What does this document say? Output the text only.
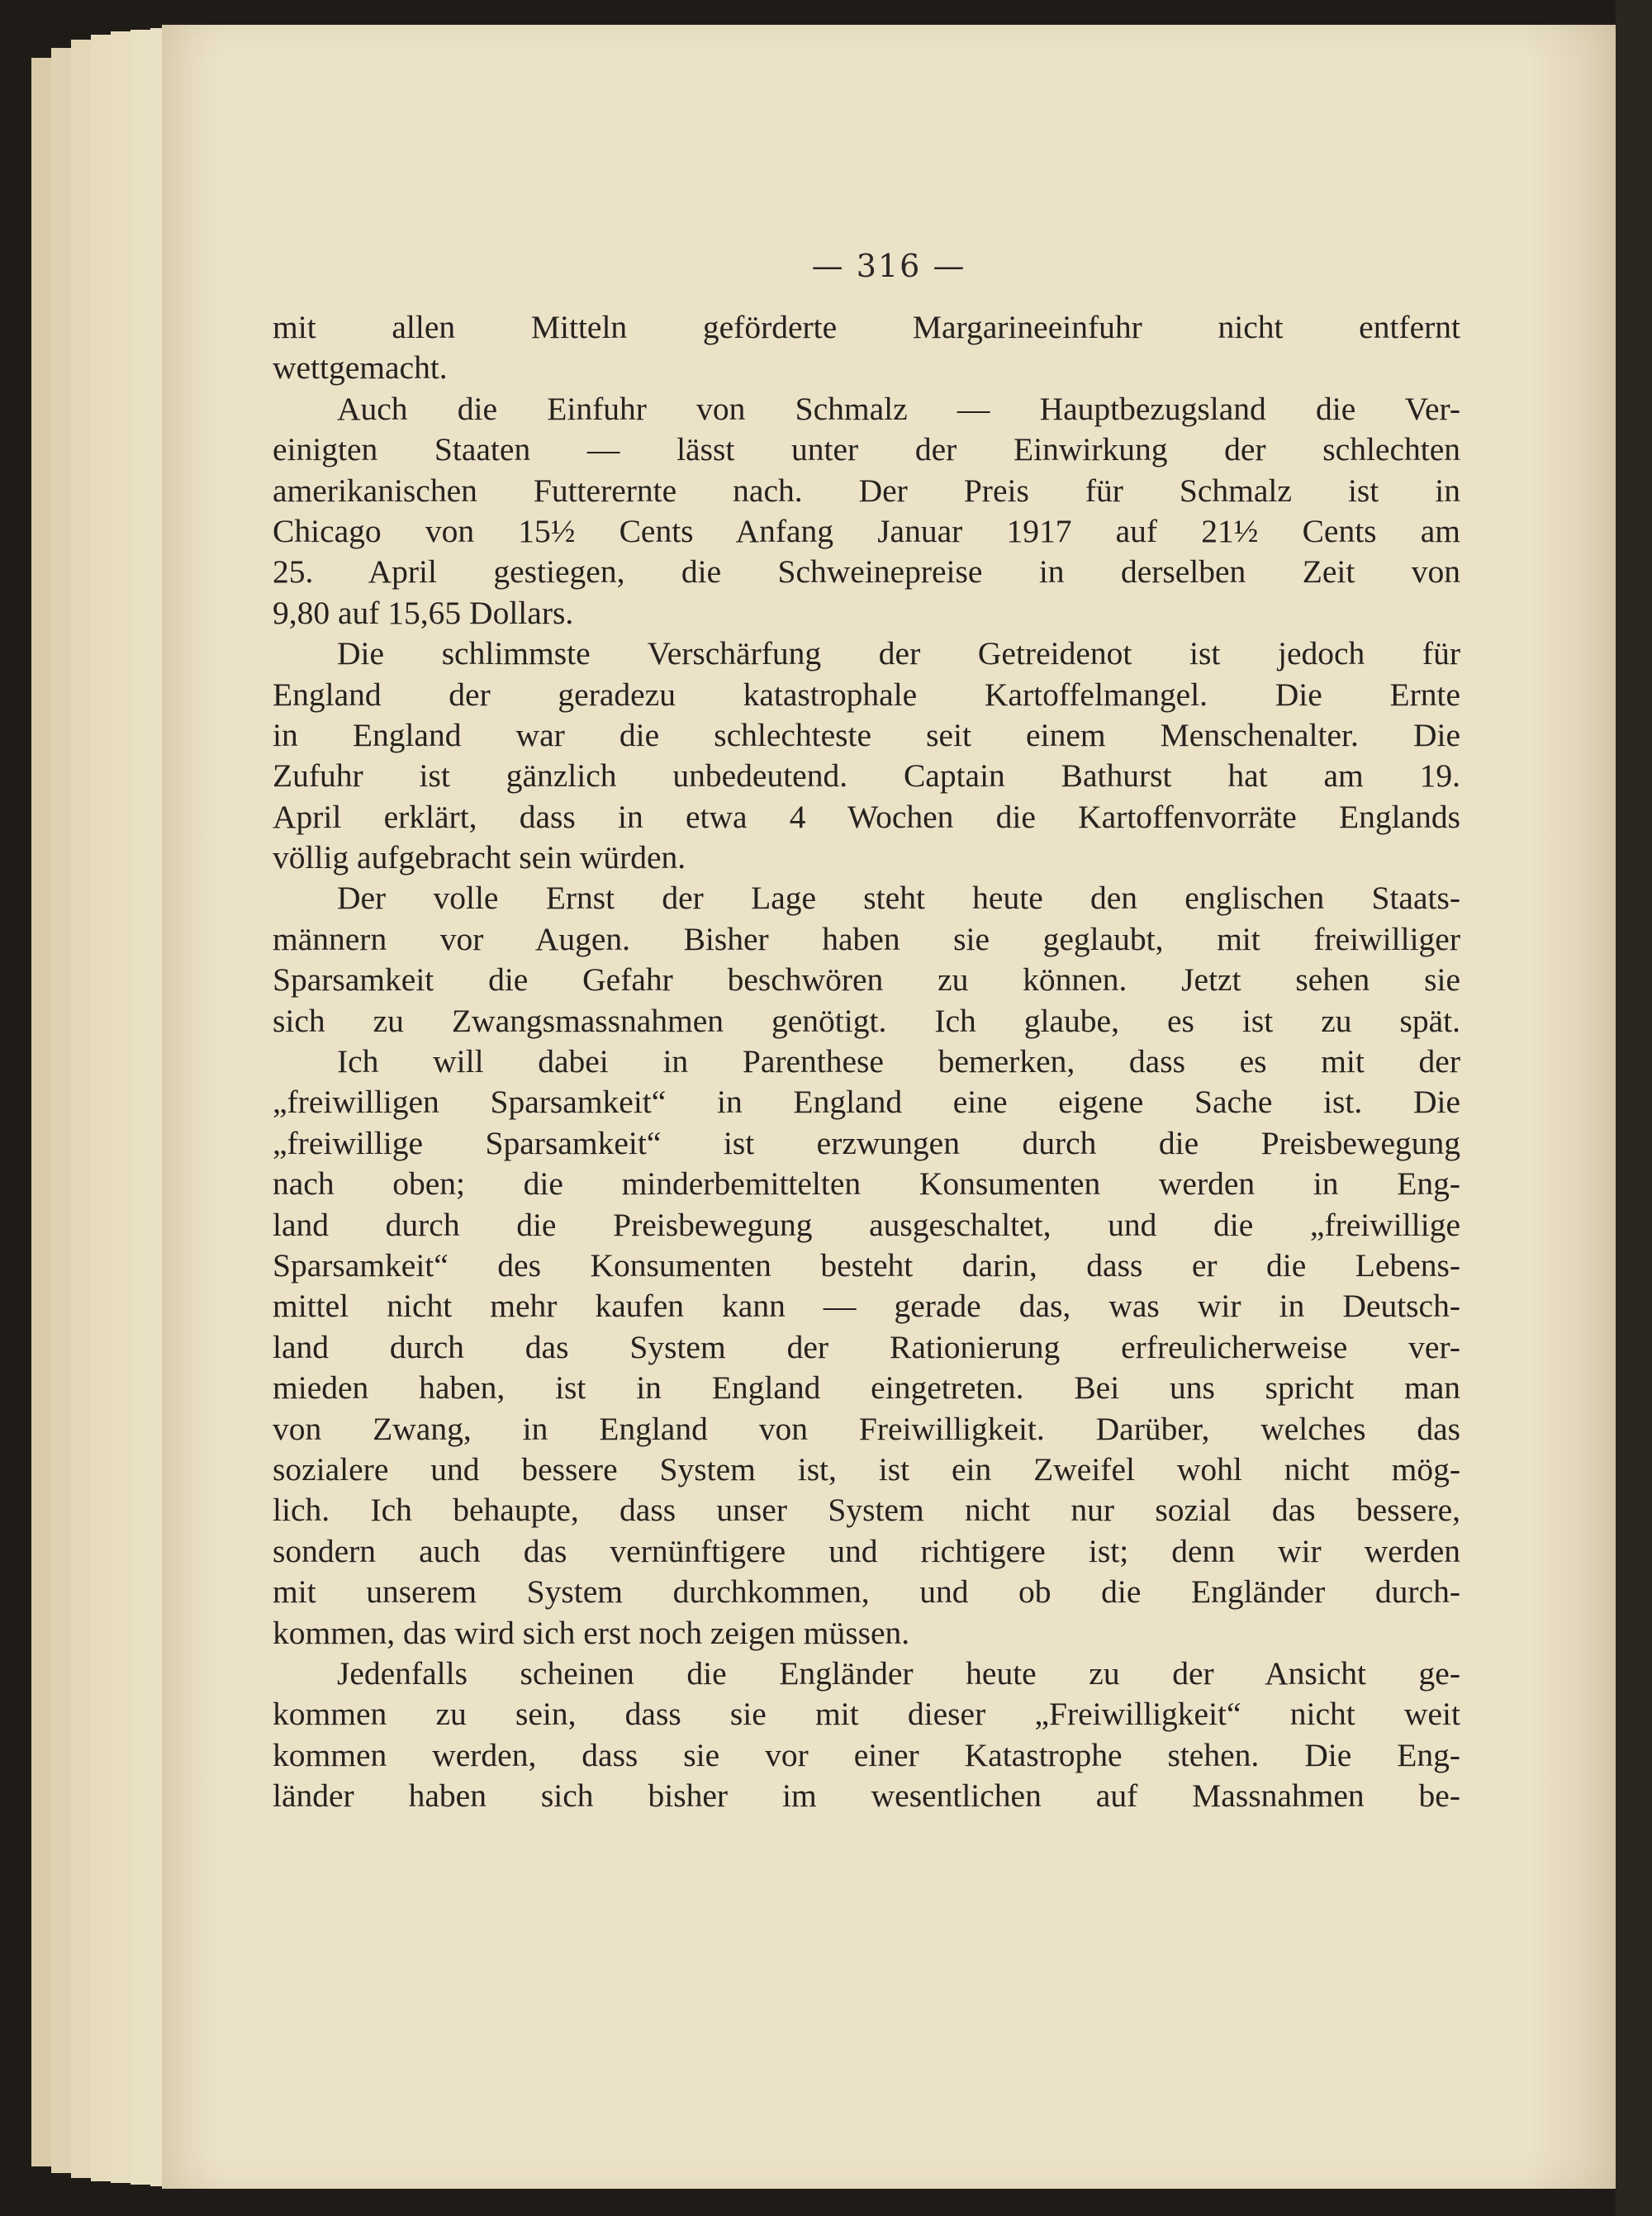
— 316 —
mit allen Mitteln geförderte Margarineeinfuhr nicht entfernt
wettgemacht.
Auch die Einfuhr von Schmalz — Hauptbezugsland die Ver-
einigten Staaten — lässt unter der Einwirkung der schlechten
amerikanischen Futterernte nach. Der Preis für Schmalz ist in
Chicago von 15½ Cents Anfang Januar 1917 auf 21½ Cents am
25. April gestiegen, die Schweinepreise in derselben Zeit von
9,80 auf 15,65 Dollars.
Die schlimmste Verschärfung der Getreidenot ist jedoch für
England der geradezu katastrophale Kartoffelmangel. Die Ernte
in England war die schlechteste seit einem Menschenalter. Die
Zufuhr ist gänzlich unbedeutend. Captain Bathurst hat am 19.
April erklärt, dass in etwa 4 Wochen die Kartoffenvorräte Englands
völlig aufgebracht sein würden.
Der volle Ernst der Lage steht heute den englischen Staats-
männern vor Augen. Bisher haben sie geglaubt, mit freiwilliger
Sparsamkeit die Gefahr beschwören zu können. Jetzt sehen sie
sich zu Zwangsmassnahmen genötigt. Ich glaube, es ist zu spät.
Ich will dabei in Parenthese bemerken, dass es mit der
„freiwilligen Sparsamkeit“ in England eine eigene Sache ist. Die
„freiwillige Sparsamkeit“ ist erzwungen durch die Preisbewegung
nach oben; die minderbemittelten Konsumenten werden in Eng-
land durch die Preisbewegung ausgeschaltet, und die „freiwillige
Sparsamkeit“ des Konsumenten besteht darin, dass er die Lebens-
mittel nicht mehr kaufen kann — gerade das, was wir in Deutsch-
land durch das System der Rationierung erfreulicherweise ver-
mieden haben, ist in England eingetreten. Bei uns spricht man
von Zwang, in England von Freiwilligkeit. Darüber, welches das
sozialere und bessere System ist, ist ein Zweifel wohl nicht mög-
lich. Ich behaupte, dass unser System nicht nur sozial das bessere,
sondern auch das vernünftigere und richtigere ist; denn wir werden
mit unserem System durchkommen, und ob die Engländer durch-
kommen, das wird sich erst noch zeigen müssen.
Jedenfalls scheinen die Engländer heute zu der Ansicht ge-
kommen zu sein, dass sie mit dieser „Freiwilligkeit“ nicht weit
kommen werden, dass sie vor einer Katastrophe stehen. Die Eng-
länder haben sich bisher im wesentlichen auf Massnahmen be-
